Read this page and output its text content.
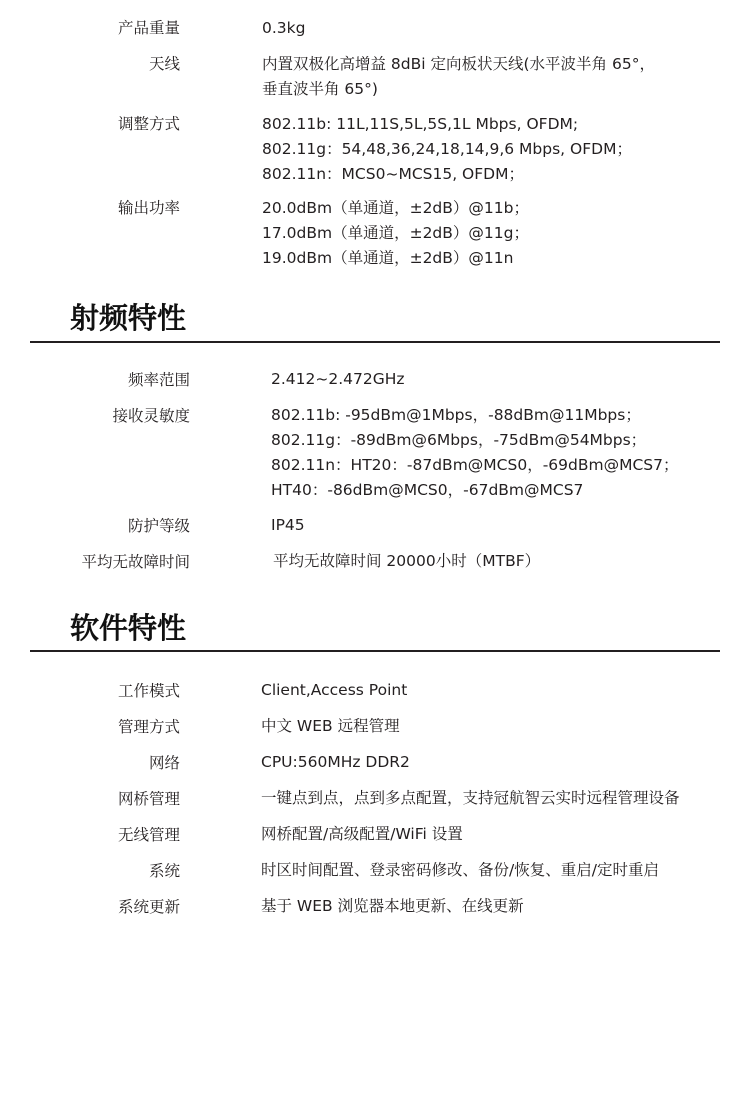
产品重量	0.3kg
天线	内置双极化高增益 8dBi 定向板状天线(水平波半角 65°，
垂直波半角 65°)
调整方式	802.11b: 11L,11S,5L,5S,1L Mbps, OFDM;
802.11g：54,48,36,24,18,14,9,6 Mbps, OFDM；
802.11n：MCS0~MCS15, OFDM；
输出功率	20.0dBm（单通道，±2dB）@11b；
17.0dBm（单通道，±2dB）@11g；
19.0dBm（单通道，±2dB）@11n
射频特性
频率范围	2.412~2.472GHz
接收灵敏度	802.11b: -95dBm@1Mbps，-88dBm@11Mbps；
802.11g：-89dBm@6Mbps，-75dBm@54Mbps；
802.11n：HT20：-87dBm@MCS0，-69dBm@MCS7；
HT40：-86dBm@MCS0，-67dBm@MCS7
防护等级	IP45
平均无故障时间	平均无故障时间 20000小时（MTBF）
软件特性
工作模式	Client,Access Point
管理方式	中文 WEB 远程管理
网络	CPU:560MHz DDR2
网桥管理	一键点到点，点到多点配置，支持冠航智云实时远程管理设备
无线管理	网桥配置/高级配置/WiFi 设置
系统	时区时间配置、登录密码修改、备份/恢复、重启/定时重启
系统更新	基于 WEB 浏览器本地更新、在线更新
